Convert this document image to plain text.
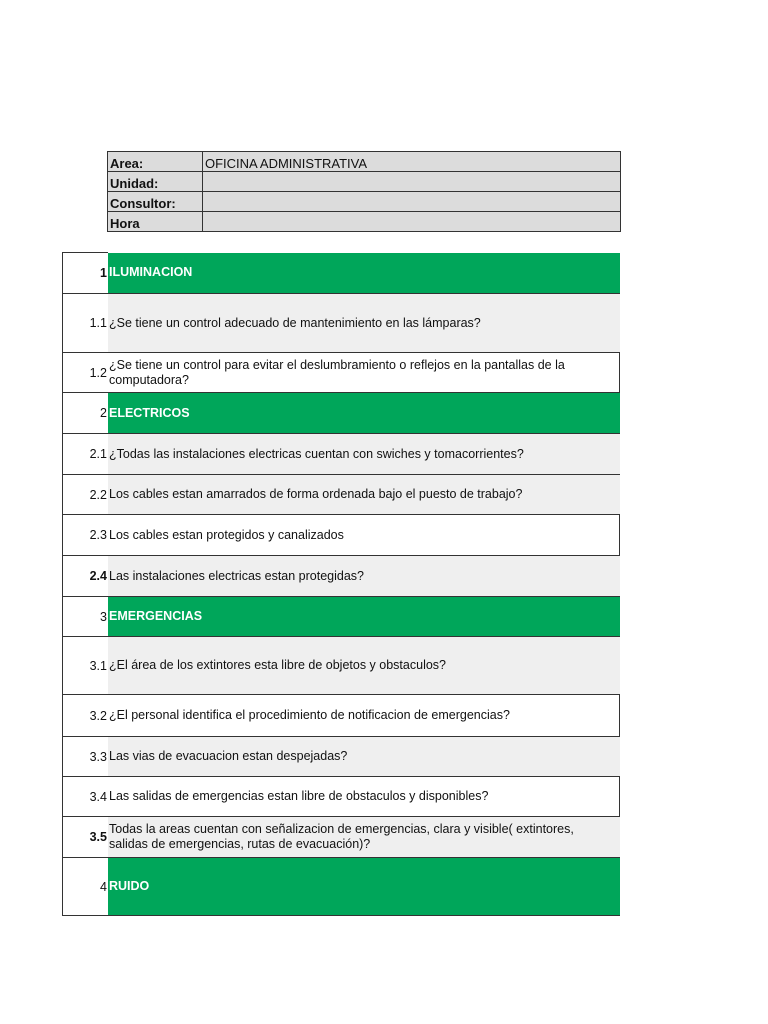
Area:	OFICINA ADMINISTRATIVA
Unidad:	
Consultor:	
Hora	
1	ILUMINACION
1.1	¿Se tiene un control adecuado de mantenimiento en las lámparas?
1.2	¿Se tiene un control para evitar el deslumbramiento o reflejos en la pantallas de la computadora?
2	ELECTRICOS
2.1	¿Todas las instalaciones electricas cuentan con swiches y tomacorrientes?
2.2	Los cables estan amarrados de forma ordenada bajo el puesto de trabajo?
2.3	Los cables estan protegidos y canalizados
2.4	Las instalaciones electricas estan protegidas?
3	EMERGENCIAS
3.1	¿El área de los extintores esta libre de objetos y obstaculos?
3.2	¿El personal identifica el procedimiento de notificacion de emergencias?
3.3	Las vias de evacuacion estan despejadas?
3.4	Las salidas de emergencias estan libre de obstaculos y disponibles?
3.5	Todas la areas cuentan con señalizacion de emergencias, clara y visible( extintores, salidas de emergencias, rutas de evacuación)?
4	RUIDO
